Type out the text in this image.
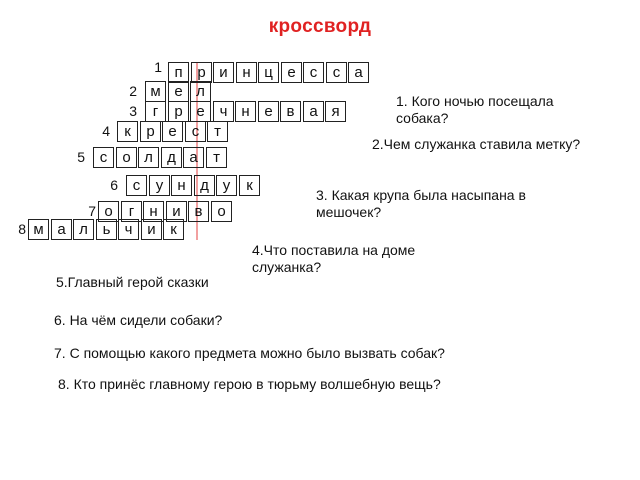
кроссворд
1 п р и н ц е с	с а
2 м е л
3	г	р е ч н е в а я
4 к	р е	с т
5 с	о л д а	т
6 с	у н д у	к
7 о	г	н и в о
8 м а л ь ч и к
1. Кого ночью посещала собака?
2.Чем служанка ставила метку?
3. Какая крупа была насыпана в мешочек?
4.Что поставила на доме служанка?
5.Главный герой сказки
6. На чём сидели собаки?
7. С помощью какого предмета можно было вызвать собак?
8. Кто принёс главному герою в тюрьму волшебную вещь?
